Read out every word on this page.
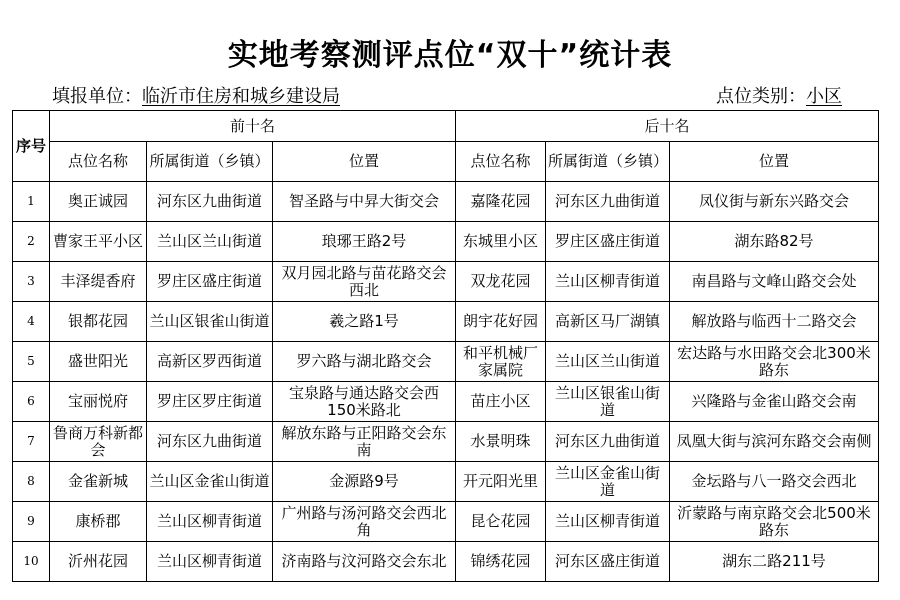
实地考察测评点位“双十”统计表
填报单位：临沂市住房和城乡建设局	点位类别：小区
序号	前十名			后十名		
	点位名称	所属街道（乡镇）	位置	点位名称	所属街道（乡镇）	位置
1	奥正诚园	河东区九曲街道	智圣路与中昇大街交会	嘉隆花园	河东区九曲街道	凤仪街与新东兴路交会
2	曹家王平小区	兰山区兰山街道	琅琊王路2号	东城里小区	罗庄区盛庄街道	湖东路82号
3	丰泽缇香府	罗庄区盛庄街道	双月园北路与苗花路交会西北	双龙花园	兰山区柳青街道	南昌路与文峰山路交会处
4	银都花园	兰山区银雀山街道	羲之路1号	朗宇花好园	高新区马厂湖镇	解放路与临西十二路交会
5	盛世阳光	高新区罗西街道	罗六路与湖北路交会	和平机械厂家属院	兰山区兰山街道	宏达路与水田路交会北300米路东
6	宝丽悦府	罗庄区罗庄街道	宝泉路与通达路交会西150米路北	苗庄小区	兰山区银雀山街道	兴隆路与金雀山路交会南
7	鲁商万科新都会	河东区九曲街道	解放东路与正阳路交会东南	水景明珠	河东区九曲街道	凤凰大街与滨河东路交会南侧
8	金雀新城	兰山区金雀山街道	金源路9号	开元阳光里	兰山区金雀山街道	金坛路与八一路交会西北
9	康桥郡	兰山区柳青街道	广州路与汤河路交会西北角	昆仑花园	兰山区柳青街道	沂蒙路与南京路交会北500米路东
10	沂州花园	兰山区柳青街道	济南路与汶河路交会东北	锦绣花园	河东区盛庄街道	湖东二路211号
